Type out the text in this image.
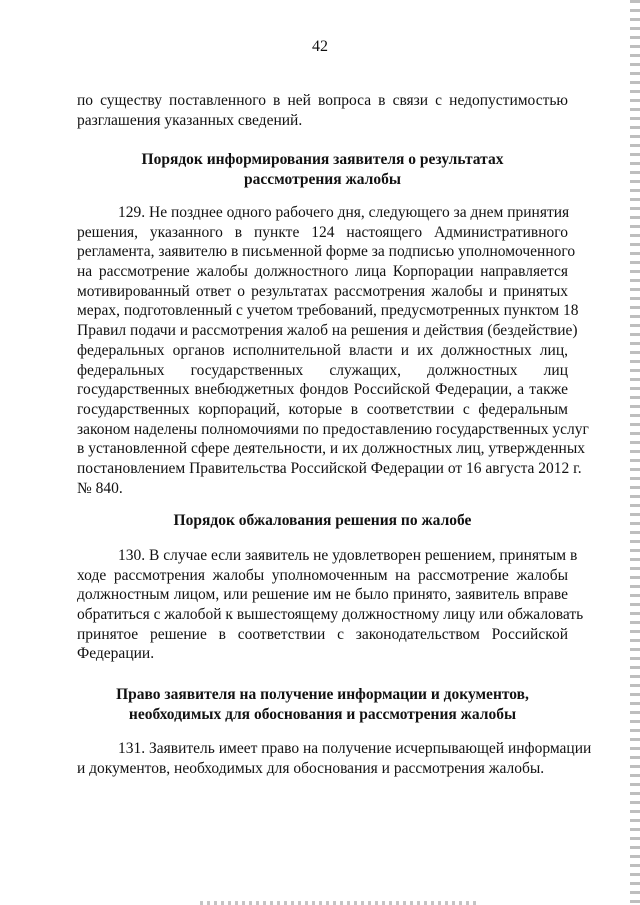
42
по существу поставленного в ней вопроса в связи с недопустимостью
разглашения указанных сведений.
Порядок информирования заявителя о результатах
рассмотрения жалобы
129. Не позднее одного рабочего дня, следующего за днем принятия
решения, указанного в пункте 124 настоящего Административного
регламента, заявителю в письменной форме за подписью уполномоченного
на рассмотрение жалобы должностного лица Корпорации направляется
мотивированный ответ о результатах рассмотрения жалобы и принятых
мерах, подготовленный с учетом требований, предусмотренных пунктом 18
Правил подачи и рассмотрения жалоб на решения и действия (бездействие)
федеральных органов исполнительной власти и их должностных лиц,
федеральных государственных служащих, должностных лиц
государственных внебюджетных фондов Российской Федерации, а также
государственных корпораций, которые в соответствии с федеральным
законом наделены полномочиями по предоставлению государственных услуг
в установленной сфере деятельности, и их должностных лиц, утвержденных
постановлением Правительства Российской Федерации от 16 августа 2012 г.
№ 840.
Порядок обжалования решения по жалобе
130. В случае если заявитель не удовлетворен решением, принятым в
ходе рассмотрения жалобы уполномоченным на рассмотрение жалобы
должностным лицом, или решение им не было принято, заявитель вправе
обратиться с жалобой к вышестоящему должностному лицу или обжаловать
принятое решение в соответствии с законодательством Российской
Федерации.
Право заявителя на получение информации и документов,
необходимых для обоснования и рассмотрения жалобы
131. Заявитель имеет право на получение исчерпывающей информации
и документов, необходимых для обоснования и рассмотрения жалобы.
